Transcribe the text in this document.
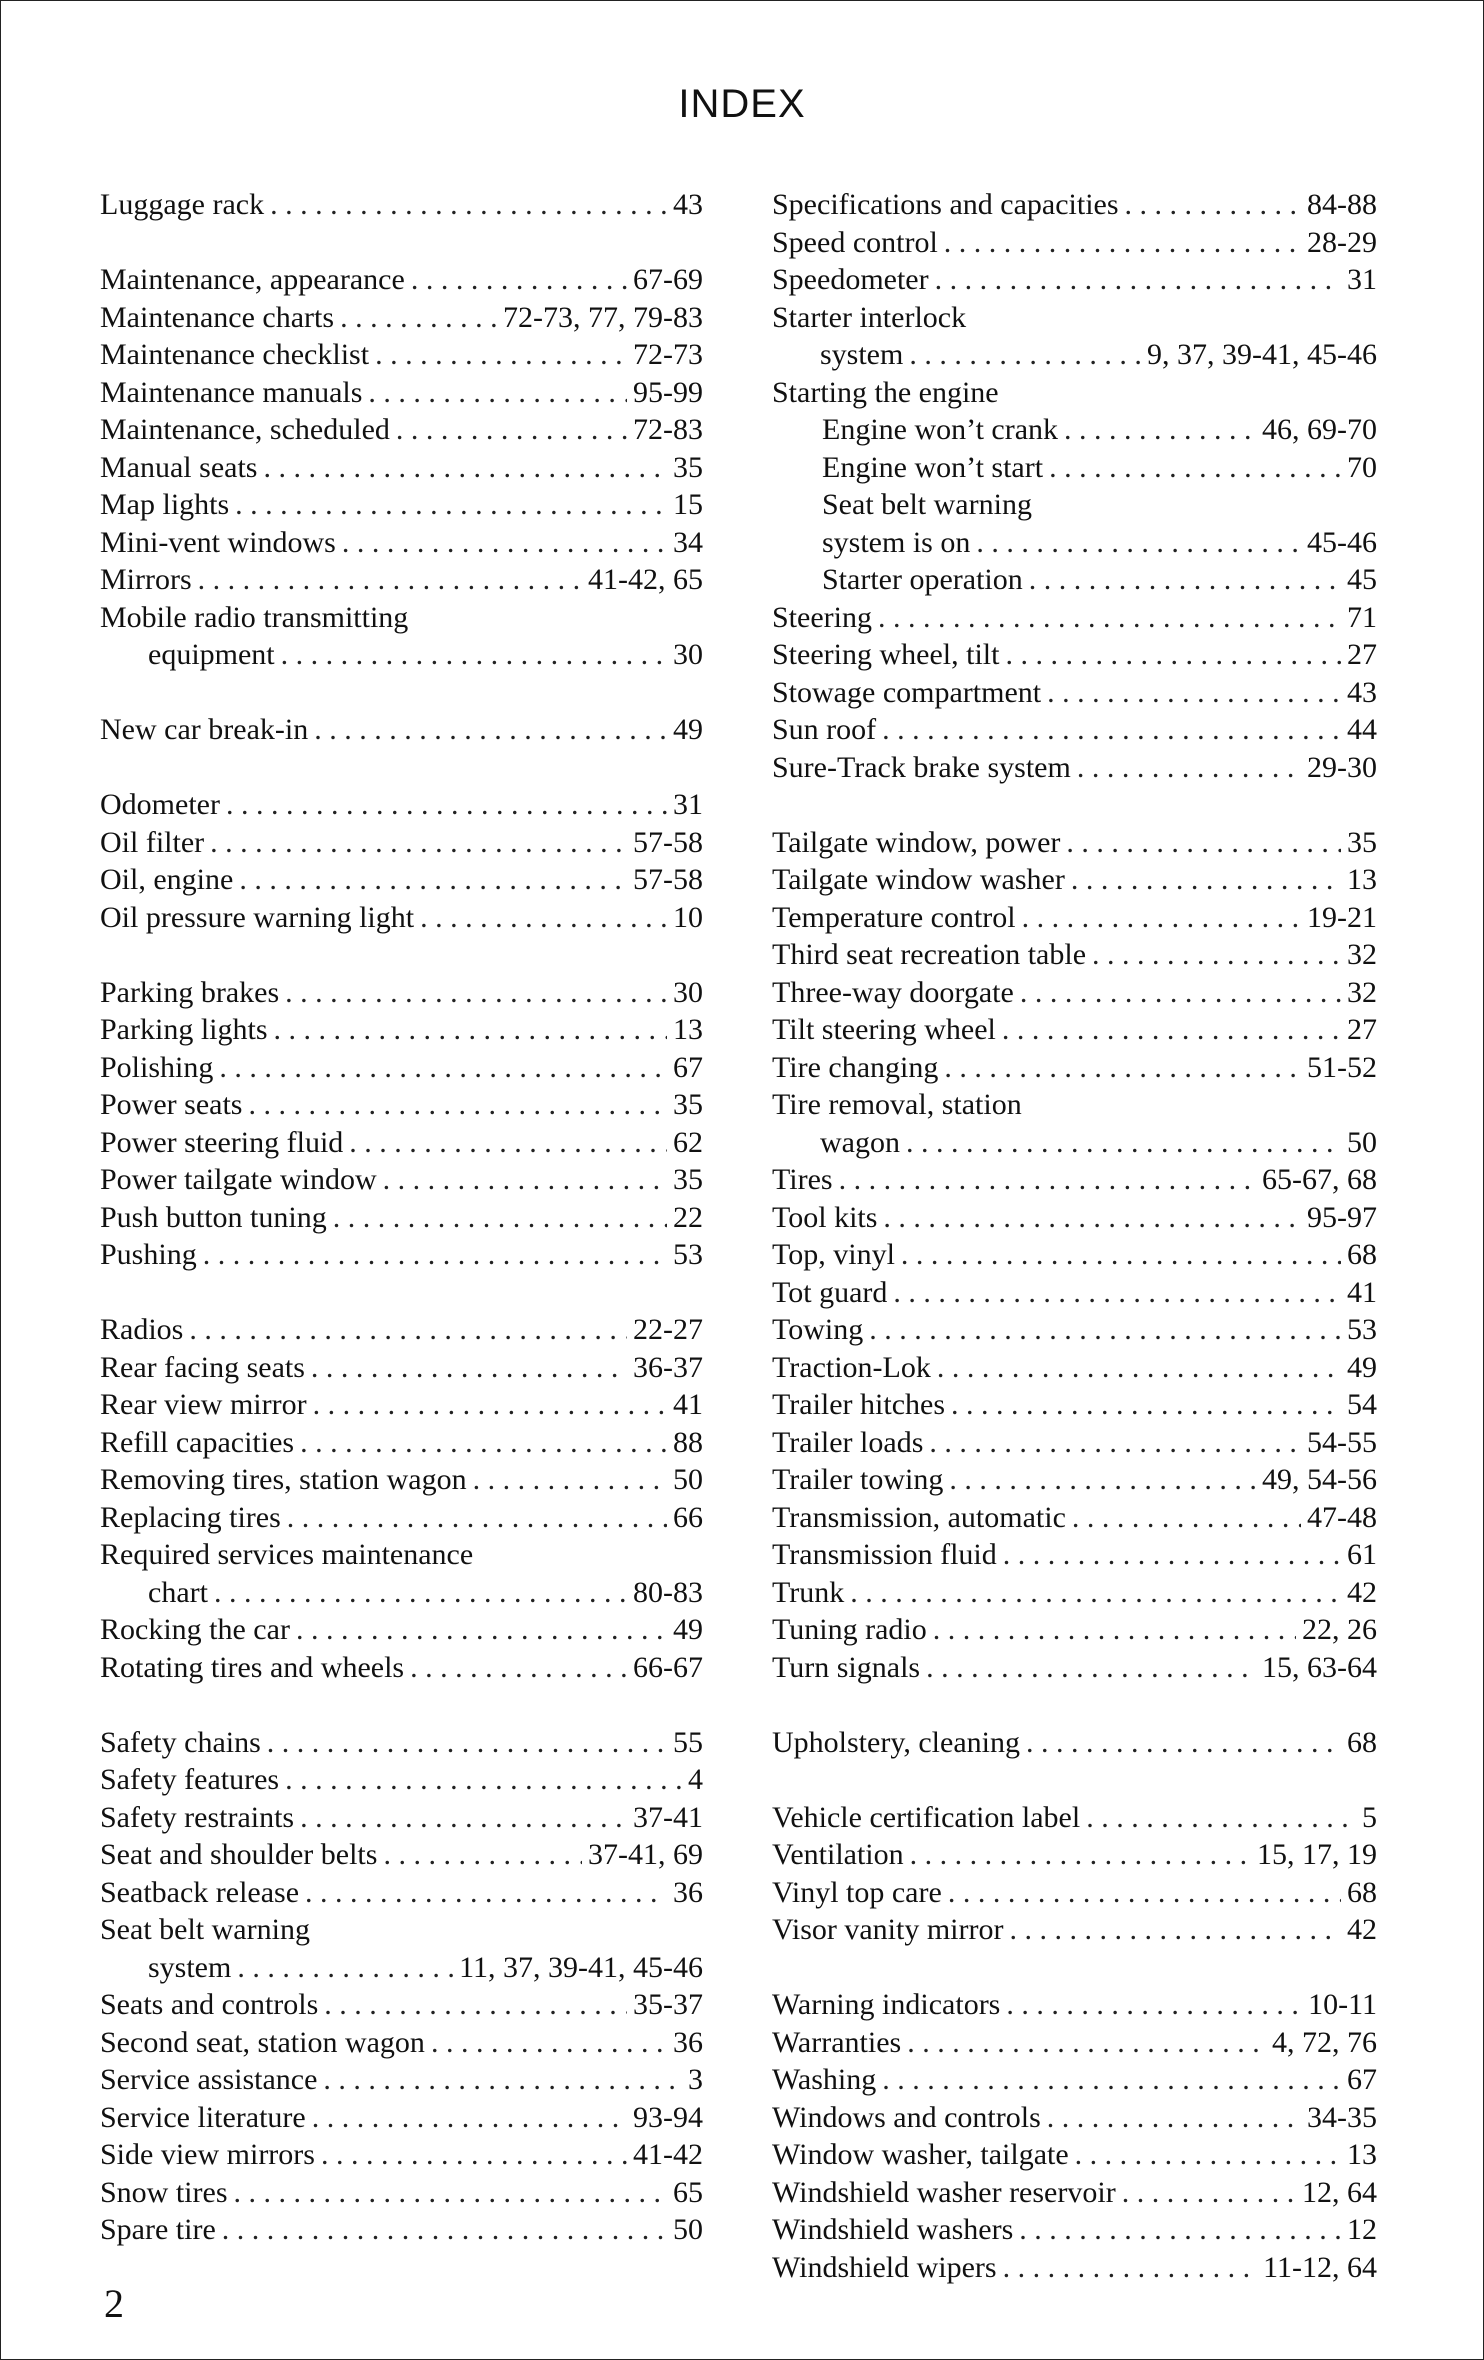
INDEX
Luggage rack . . .	43
Maintenance, appearance . . .	67-69
Maintenance charts . . .	72-73, 77, 79-83
Maintenance checklist . . .	72-73
Maintenance manuals . . .	95-99
Maintenance, scheduled . . .	72-83
Manual seats . . .	35
Map lights . . .	15
Mini-vent windows . . .	34
Mirrors . . .	41-42, 65
Mobile radio transmitting
equipment . . .	30
New car break-in . . .	49
Odometer . . .	31
Oil filter . . .	57-58
Oil, engine . . .	57-58
Oil pressure warning light . . .	10
Parking brakes . . .	30
Parking lights . . .	13
Polishing . . .	67
Power seats . . .	35
Power steering fluid . . .	62
Power tailgate window . . .	35
Push button tuning . . .	22
Pushing . . .	53
Radios . . .	22-27
Rear facing seats . . .	36-37
Rear view mirror . . .	41
Refill capacities . . .	88
Removing tires, station wagon . . .	50
Replacing tires . . .	66
Required services maintenance
chart . . .	80-83
Rocking the car . . .	49
Rotating tires and wheels . . .	66-67
Safety chains . . .	55
Safety features . . .	4
Safety restraints . . .	37-41
Seat and shoulder belts . . .	37-41, 69
Seatback release . . .	36
Seat belt warning
system . . .	11, 37, 39-41, 45-46
Seats and controls . . .	35-37
Second seat, station wagon . . .	36
Service assistance . . .	3
Service literature . . .	93-94
Side view mirrors . . .	41-42
Snow tires . . .	65
Spare tire . . .	50
Specifications and capacities . . .	84-88
Speed control . . .	28-29
Speedometer . . .	31
Starter interlock
system . . .	9, 37, 39-41, 45-46
Starting the engine
Engine won’t crank . . .	46, 69-70
Engine won’t start . . .	70
Seat belt warning
system is on . . .	45-46
Starter operation . . .	45
Steering . . .	71
Steering wheel, tilt . . .	27
Stowage compartment . . .	43
Sun roof . . .	44
Sure-Track brake system . . .	29-30
Tailgate window, power . . .	35
Tailgate window washer . . .	13
Temperature control . . .	19-21
Third seat recreation table . . .	32
Three-way doorgate . . .	32
Tilt steering wheel . . .	27
Tire changing . . .	51-52
Tire removal, station
wagon . . .	50
Tires . . .	65-67, 68
Tool kits . . .	95-97
Top, vinyl . . .	68
Tot guard . . .	41
Towing . . .	53
Traction-Lok . . .	49
Trailer hitches . . .	54
Trailer loads . . .	54-55
Trailer towing . . .	49, 54-56
Transmission, automatic . . .	47-48
Transmission fluid . . .	61
Trunk . . .	42
Tuning radio . . .	22, 26
Turn signals . . .	15, 63-64
Upholstery, cleaning . . .	68
Vehicle certification label . . .	5
Ventilation . . .	15, 17, 19
Vinyl top care . . .	68
Visor vanity mirror . . .	42
Warning indicators . . .	10-11
Warranties . . .	4, 72, 76
Washing . . .	67
Windows and controls . . .	34-35
Window washer, tailgate . . .	13
Windshield washer reservoir . . .	12, 64
Windshield washers . . .	12
Windshield wipers . . .	11-12, 64
2
